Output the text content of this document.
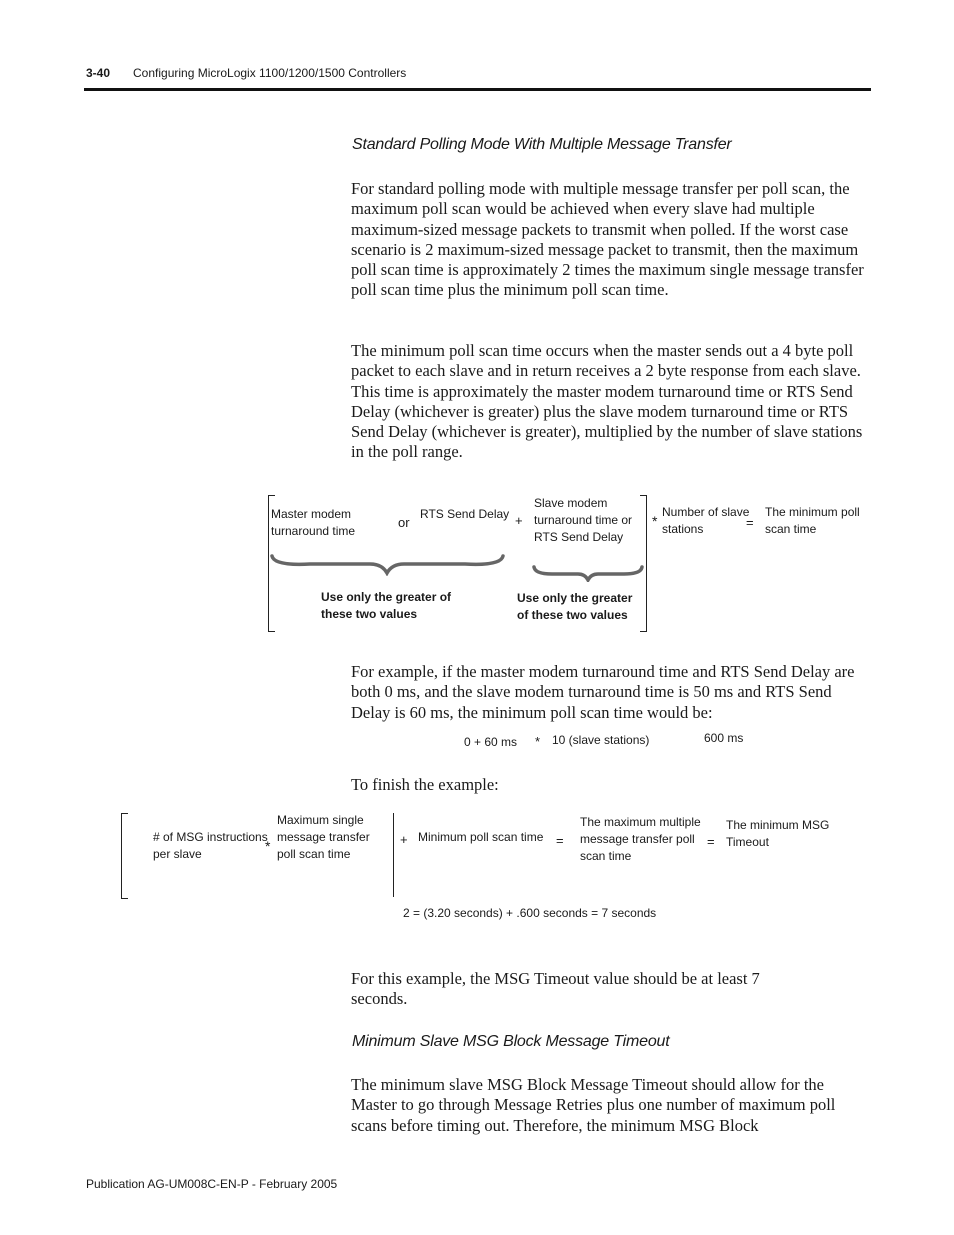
3-40 Configuring MicroLogix 1100/1200/1500 Controllers
Standard Polling Mode With Multiple Message Transfer
For standard polling mode with multiple message transfer per poll scan, the maximum poll scan would be achieved when every slave had multiple maximum-sized message packets to transmit when polled. If the worst case scenario is 2 maximum-sized message packet to transmit, then the maximum poll scan time is approximately 2 times the maximum single message transfer poll scan time plus the minimum poll scan time.
The minimum poll scan time occurs when the master sends out a 4 byte poll packet to each slave and in return receives a 2 byte response from each slave. This time is approximately the master modem turnaround time or RTS Send Delay (whichever is greater) plus the slave modem turnaround time or RTS Send Delay (whichever is greater), multiplied by the number of slave stations in the poll range.
Master modem turnaround time
or
RTS Send Delay +
Slave modem turnaround time or RTS Send Delay
*
Number of slave stations	=
The minimum poll scan time
Use only the greater of these two values
Use only the greater of these two values
For example, if the master modem turnaround time and RTS Send Delay are both 0 ms, and the slave modem turnaround time is 50 ms and RTS Send Delay is 60 ms, the minimum poll scan time would be:
0 + 60 ms * 10 (slave stations)	600 ms
To finish the example:
# of MSG instructions per slave	*
Maximum single message transfer poll scan time
+ Minimum poll scan time =
The maximum multiple message transfer poll scan time
=
The minimum MSG Timeout
2 = (3.20 seconds) + .600 seconds = 7 seconds
For this example, the MSG Timeout value should be at least 7 seconds.
Minimum Slave MSG Block Message Timeout
The minimum slave MSG Block Message Timeout should allow for the Master to go through Message Retries plus one number of maximum poll scans before timing out. Therefore, the minimum MSG Block
Publication AG-UM008C-EN-P - February 2005
